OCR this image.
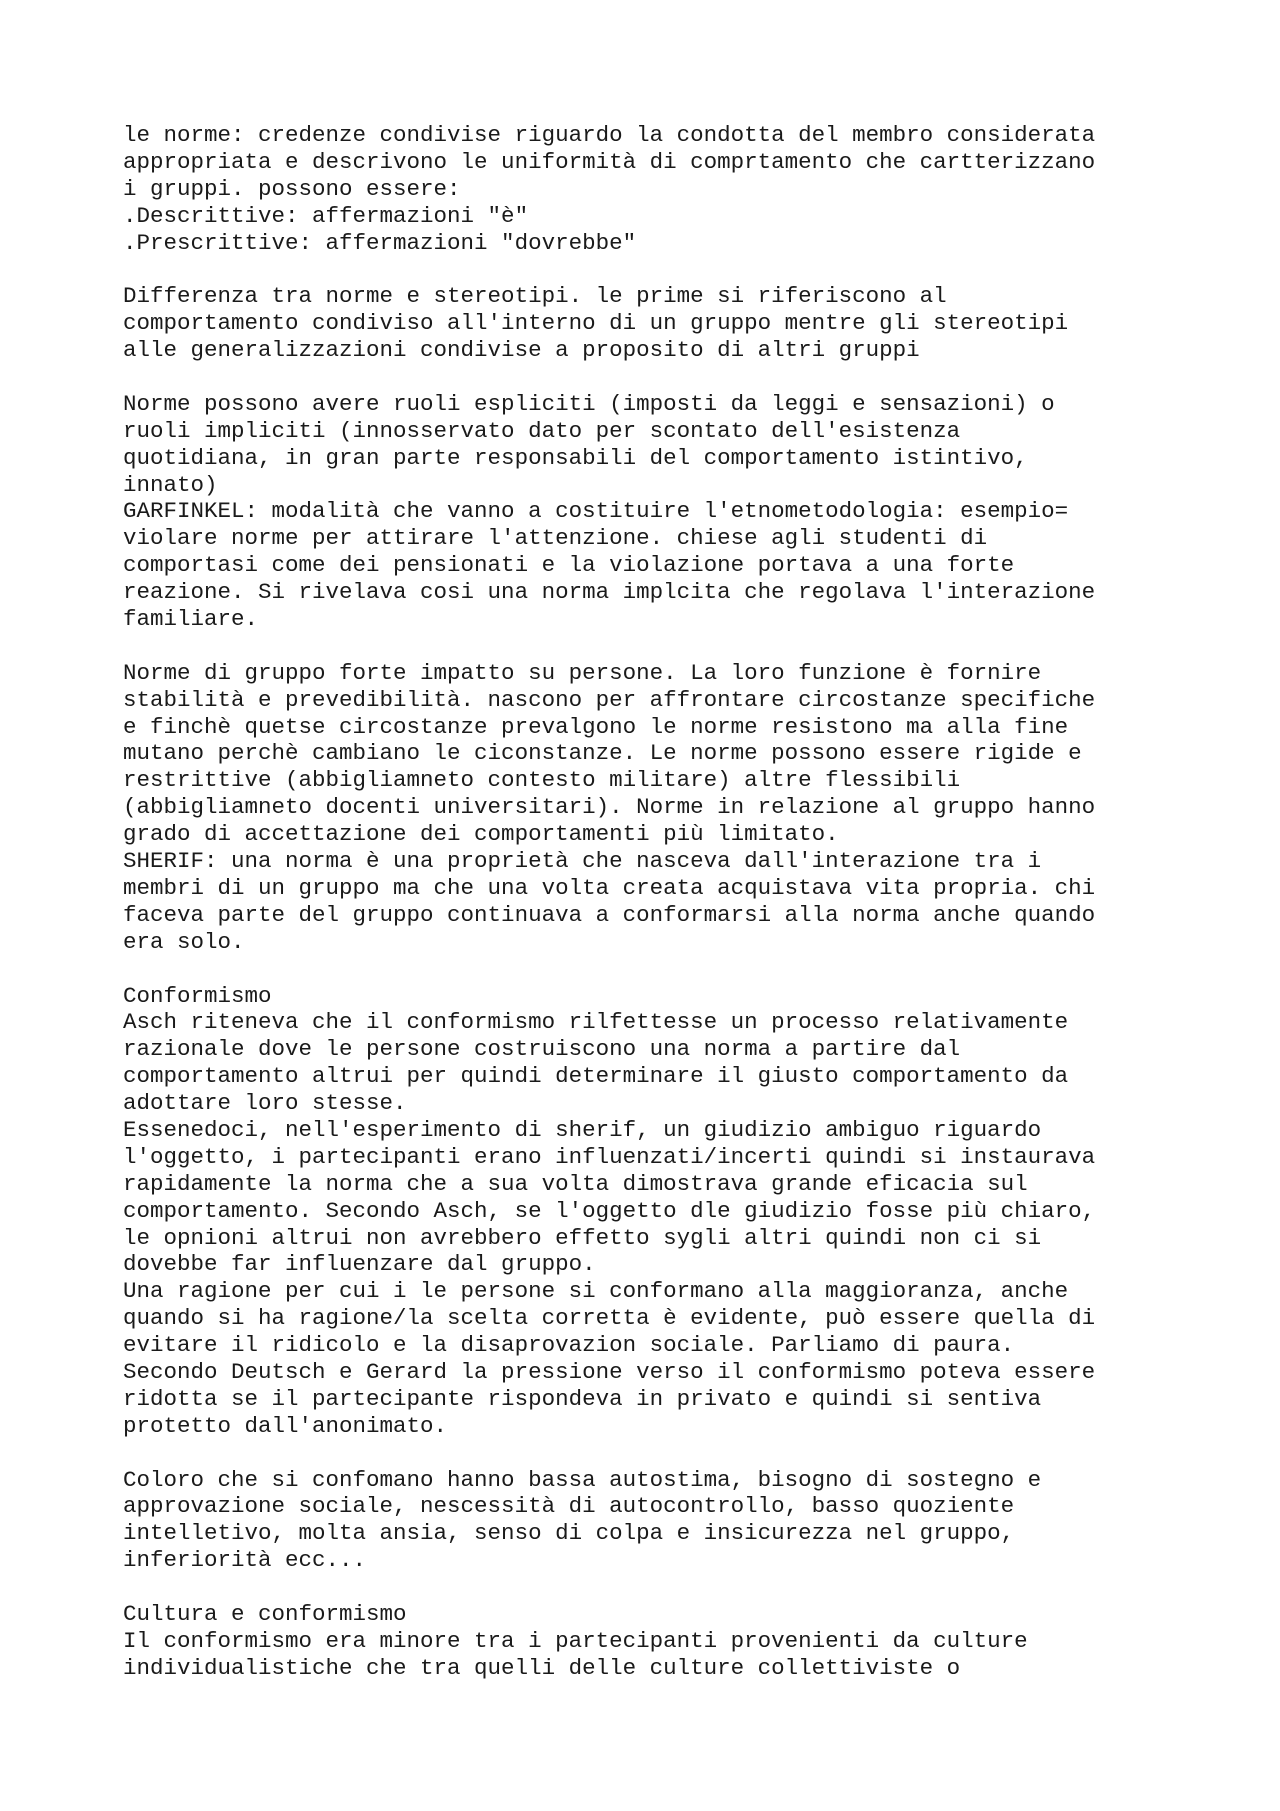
le norme: credenze condivise riguardo la condotta del membro considerata
appropriata e descrivono le uniformità di comprtamento che cartterizzano
i gruppi. possono essere:
.Descrittive: affermazioni "è"
.Prescrittive: affermazioni "dovrebbe"
Differenza tra norme e stereotipi. le prime si riferiscono al
comportamento condiviso all'interno di un gruppo mentre gli stereotipi
alle generalizzazioni condivise a proposito di altri gruppi
Norme possono avere ruoli espliciti (imposti da leggi e sensazioni) o
ruoli impliciti (innosservato dato per scontato dell'esistenza
quotidiana, in gran parte responsabili del comportamento istintivo,
innato)
GARFINKEL: modalità che vanno a costituire l'etnometodologia: esempio=
violare norme per attirare l'attenzione. chiese agli studenti di
comportasi come dei pensionati e la violazione portava a una forte
reazione. Si rivelava cosi una norma implcita che regolava l'interazione
familiare.
Norme di gruppo forte impatto su persone. La loro funzione è fornire
stabilità e prevedibilità. nascono per affrontare circostanze specifiche
e finchè quetse circostanze prevalgono le norme resistono ma alla fine
mutano perchè cambiano le ciconstanze. Le norme possono essere rigide e
restrittive (abbigliamneto contesto militare) altre flessibili
(abbigliamneto docenti universitari). Norme in relazione al gruppo hanno
grado di accettazione dei comportamenti più limitato.
SHERIF: una norma è una proprietà che nasceva dall'interazione tra i
membri di un gruppo ma che una volta creata acquistava vita propria. chi
faceva parte del gruppo continuava a conformarsi alla norma anche quando
era solo.
Conformismo
Asch riteneva che il conformismo rilfettesse un processo relativamente
razionale dove le persone costruiscono una norma a partire dal
comportamento altrui per quindi determinare il giusto comportamento da
adottare loro stesse.
Essenedoci, nell'esperimento di sherif, un giudizio ambiguo riguardo
l'oggetto, i partecipanti erano influenzati/incerti quindi si instaurava
rapidamente la norma che a sua volta dimostrava grande eficacia sul
comportamento. Secondo Asch, se l'oggetto dle giudizio fosse più chiaro,
le opnioni altrui non avrebbero effetto sygli altri quindi non ci si
dovebbe far influenzare dal gruppo.
Una ragione per cui i le persone si conformano alla maggioranza, anche
quando si ha ragione/la scelta corretta è evidente, può essere quella di
evitare il ridicolo e la disaprovazion sociale. Parliamo di paura.
Secondo Deutsch e Gerard la pressione verso il conformismo poteva essere
ridotta se il partecipante rispondeva in privato e quindi si sentiva
protetto dall'anonimato.
Coloro che si confomano hanno bassa autostima, bisogno di sostegno e
approvazione sociale, nescessità di autocontrollo, basso quoziente
intelletivo, molta ansia, senso di colpa e insicurezza nel gruppo,
inferiorità ecc...
Cultura e conformismo
Il conformismo era minore tra i partecipanti provenienti da culture
individualistiche che tra quelli delle culture collettiviste o
